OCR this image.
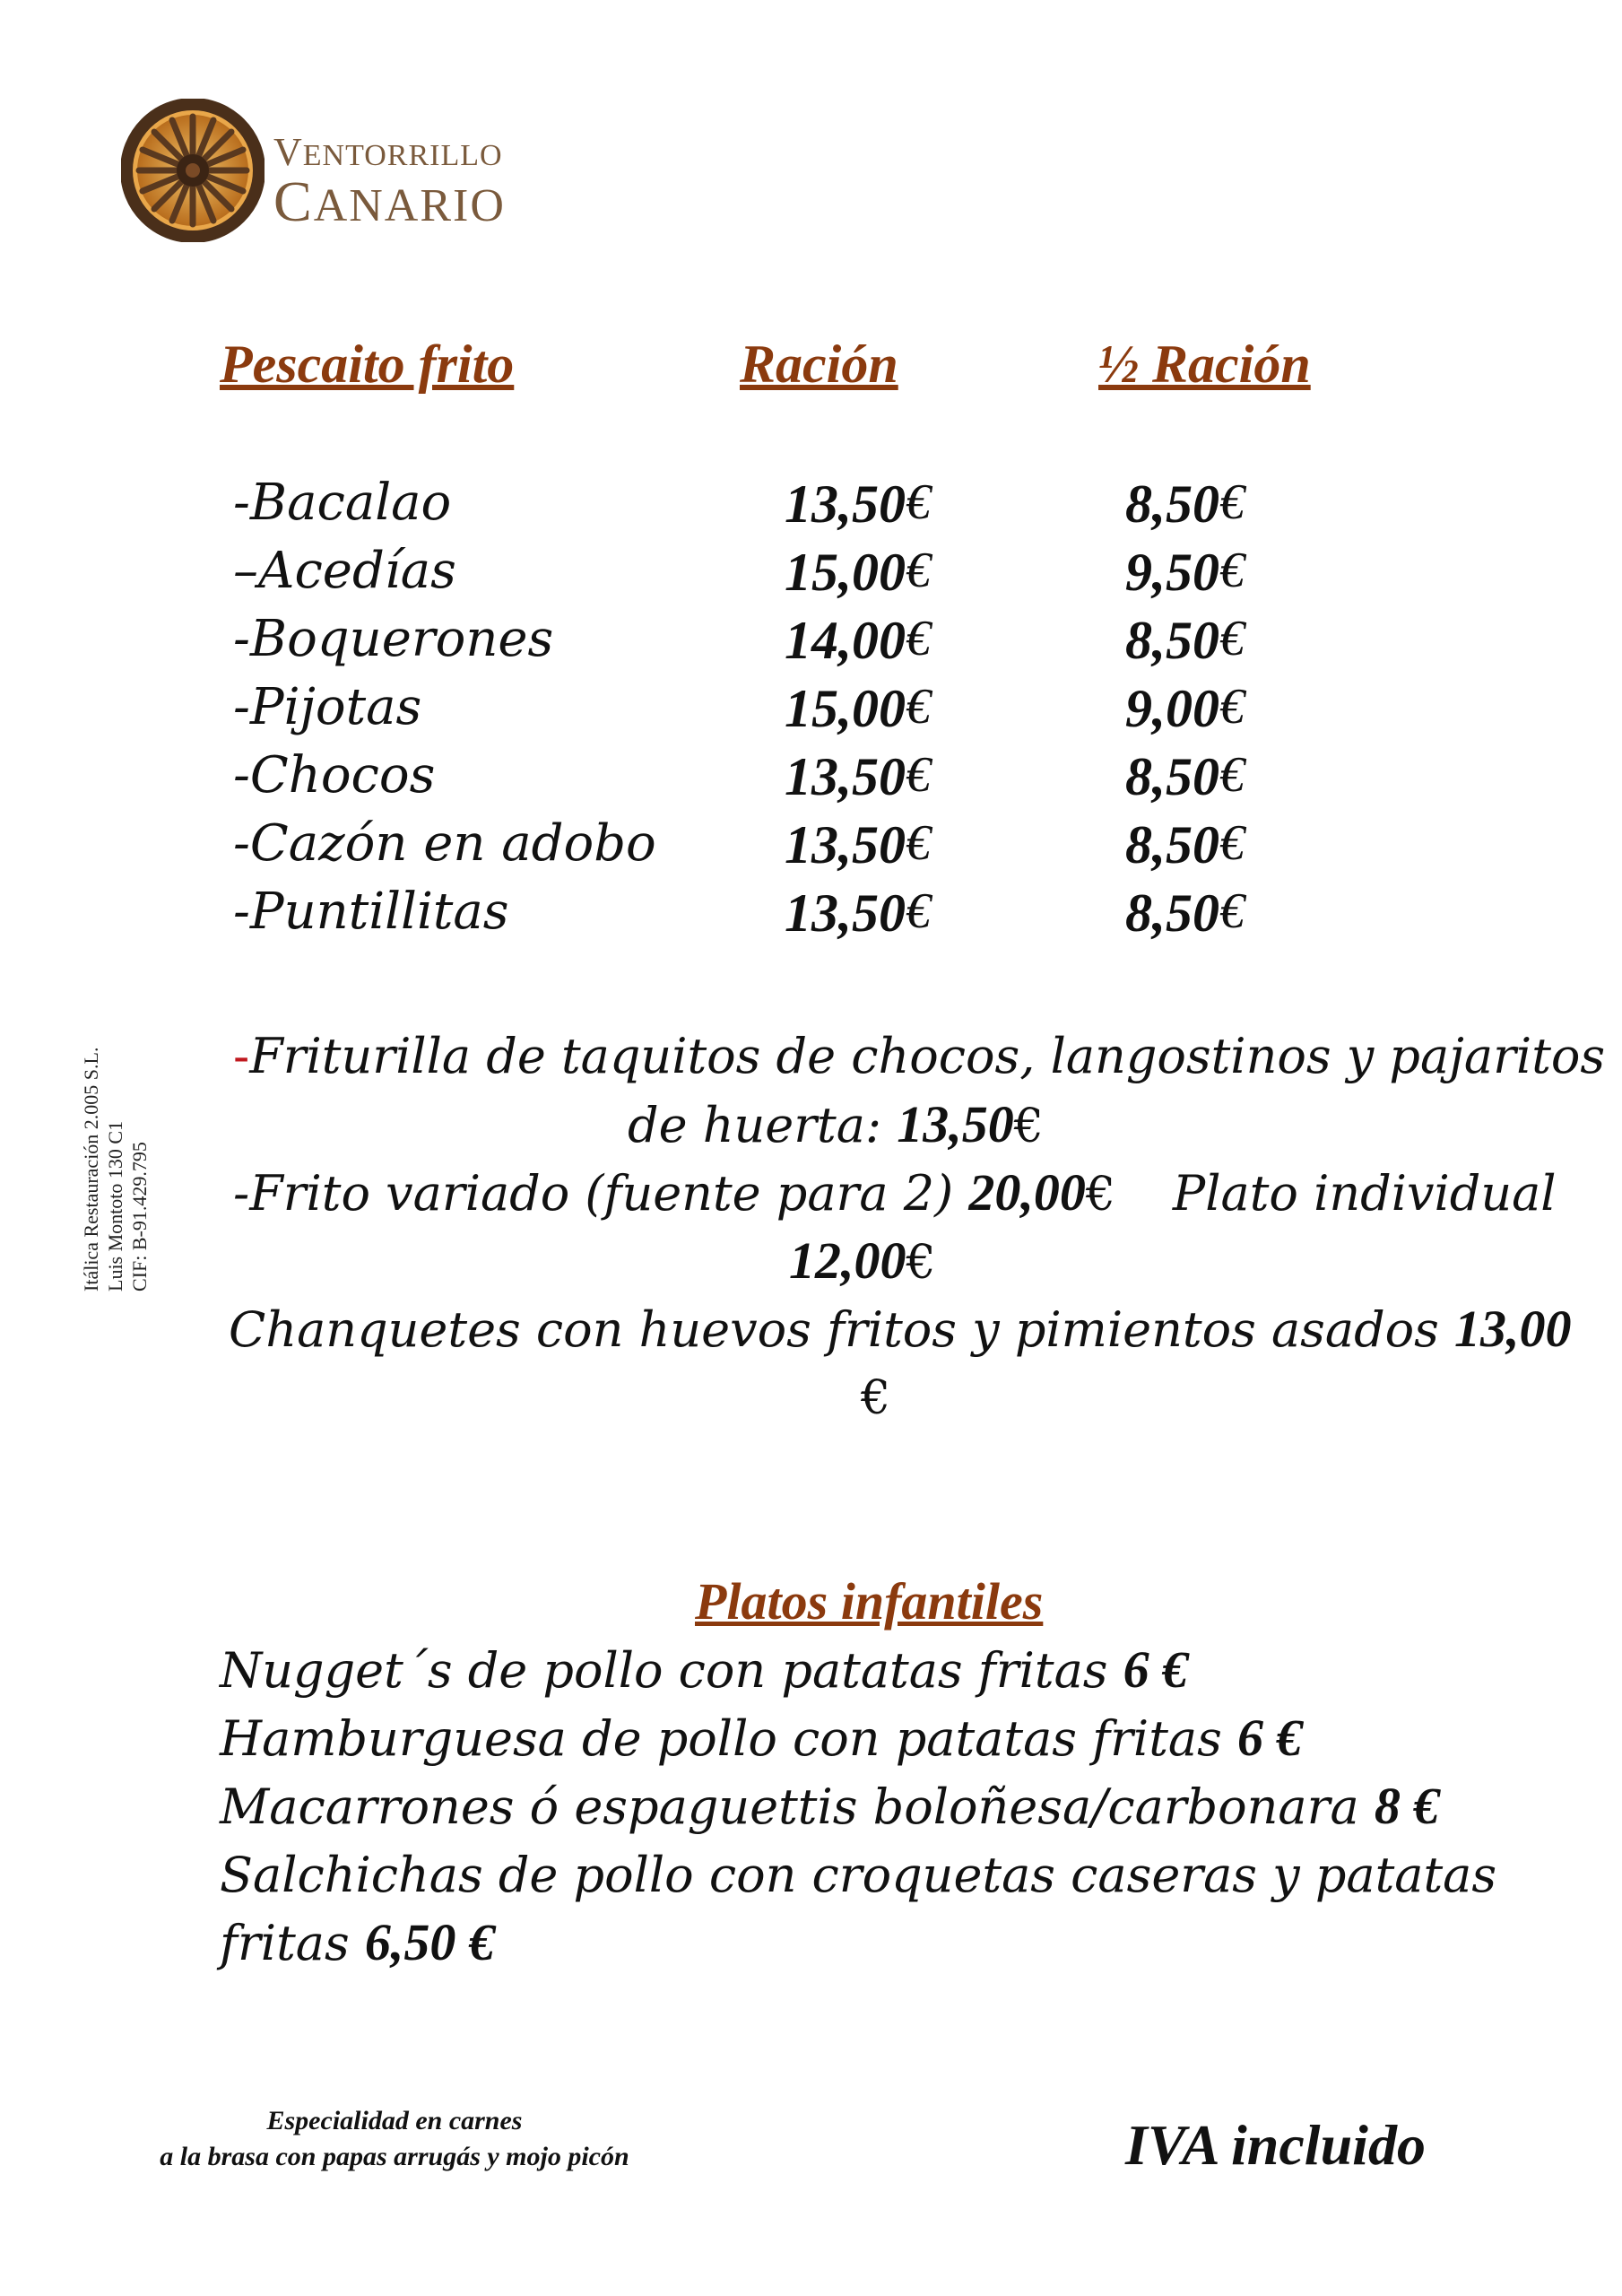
VENTORRILLO
CANARIO
Itálica Restauración 2.005 S.L. Luis Montoto 130 C1 CIF: B-91.429.795
Pescaito frito	Ración	½ Ración
-Bacalao	13,50 €	8,50 €
–Acedías	15,00 €	9,50 €
-Boquerones	14,00 €	8,50 €
-Pijotas	15,00 €	9,00 €
-Chocos	13,50 €	8,50 €
-Cazón en adobo 13,50 €	8,50 €
-Puntillitas	13,50 €	8,50 €
-Friturilla de taquitos de chocos, langostinos y pajaritos
de huerta: 13,50€
-Frito variado (fuente para 2) 20,00€ Plato individual
12,00€
Chanquetes con huevos fritos y pimientos asados 13,00
€
Platos infantiles
Nugget´s de pollo con patatas fritas 6 €
Hamburguesa de pollo con patatas fritas 6 €
Macarrones ó espaguettis boloñesa/carbonara 8 €
Salchichas de pollo con croquetas caseras y patatas
fritas 6,50 €
Especialidad en carnes
a la brasa con papas arrugás y mojo picón	IVA incluido
